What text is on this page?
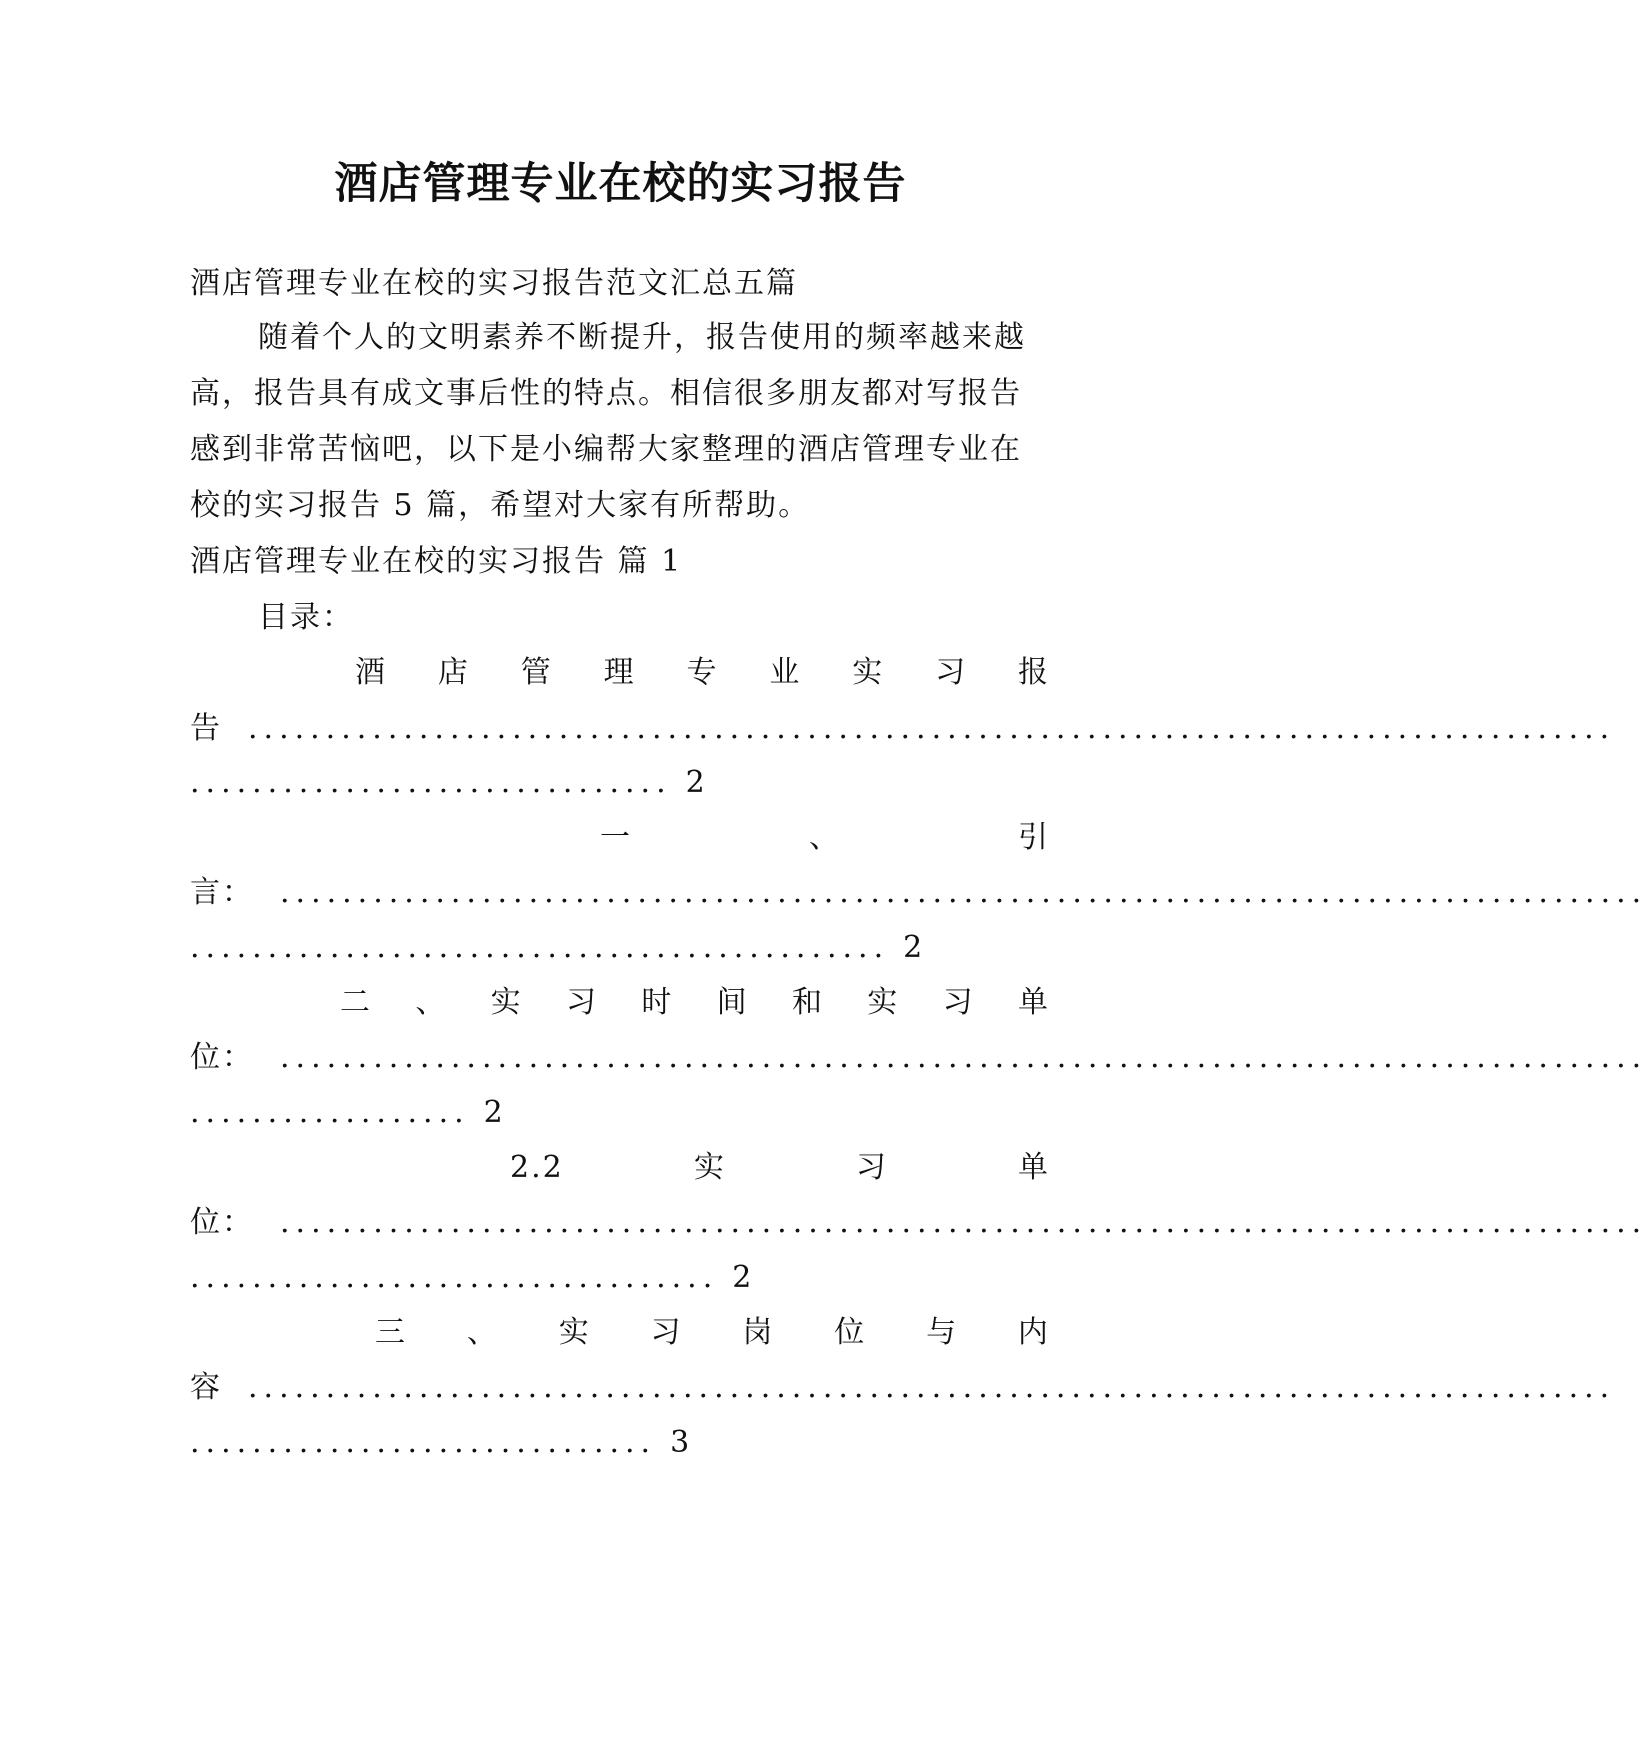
酒店管理专业在校的实习报告
酒店管理专业在校的实习报告范文汇总五篇
随着个人的文明素养不断提升，报告使用的频率越来越
高，报告具有成文事后性的特点。相信很多朋友都对写报告
感到非常苦恼吧，以下是小编帮大家整理的酒店管理专业在
校的实习报告 5 篇，希望对大家有所帮助。
酒店管理专业在校的实习报告 篇 1
目录：
酒 店 管 理 专 业 实 习 报
告 ........................................................................................
............................... 2
一	、	引
言： ........................................................................................
............................................. 2
二 、 实 习 时 间 和 实 习 单
位： ........................................................................................
.................. 2
2.2	实	习	单
位： ........................................................................................
.................................. 2
三 、 实 习 岗 位 与 内
容 ........................................................................................
.............................. 3
